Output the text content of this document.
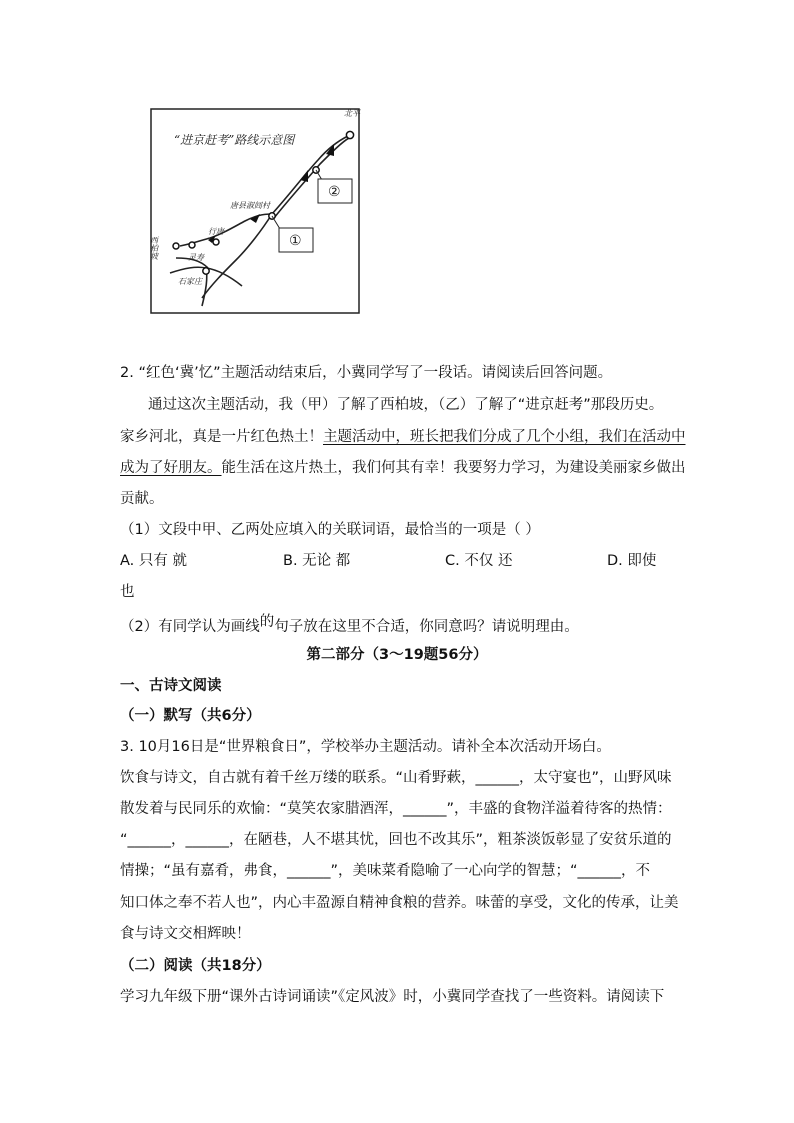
“进京赶考”路线示意图
①
②
北平
唐县淑闾村
行唐
西柏坡	灵寿
石家庄
2. “红色‘冀’忆”主题活动结束后，小冀同学写了一段话。请阅读后回答问题。
通过这次主题活动，我（甲）了解了西柏坡，（乙）了解了“进京赶考”那段历史。
家乡河北，真是一片红色热土！主题活动中，班长把我们分成了几个小组，我们在活动中
成为了好朋友。能生活在这片热土，我们何其有幸！我要努力学习，为建设美丽家乡做出
贡献。
（1）文段中甲、乙两处应填入的关联词语，最恰当的一项是（ ）
A. 只有 就	B. 无论 都	C. 不仅 还	D. 即使
也
（2）有同学认为画线的句子放在这里不合适，你同意吗？请说明理由。
第二部分（3～19题56分）
一、古诗文阅读
（一）默写（共6分）
3. 10月16日是“世界粮食日”，学校举办主题活动。请补全本次活动开场白。
饮食与诗文，自古就有着千丝万缕的联系。“山肴野蔌，______，太守宴也”，山野风味
散发着与民同乐的欢愉：“莫笑农家腊酒浑，______”，丰盛的食物洋溢着待客的热情：
“______，______，在陋巷，人不堪其忧，回也不改其乐”，粗茶淡饭彰显了安贫乐道的
情操；“虽有嘉肴，弗食，______”，美味菜肴隐喻了一心向学的智慧；“______，不
知口体之奉不若人也”，内心丰盈源自精神食粮的营养。味蕾的享受，文化的传承，让美
食与诗文交相辉映！
（二）阅读（共18分）
学习九年级下册“课外古诗词诵读”《定风波》时，小冀同学查找了一些资料。请阅读下
